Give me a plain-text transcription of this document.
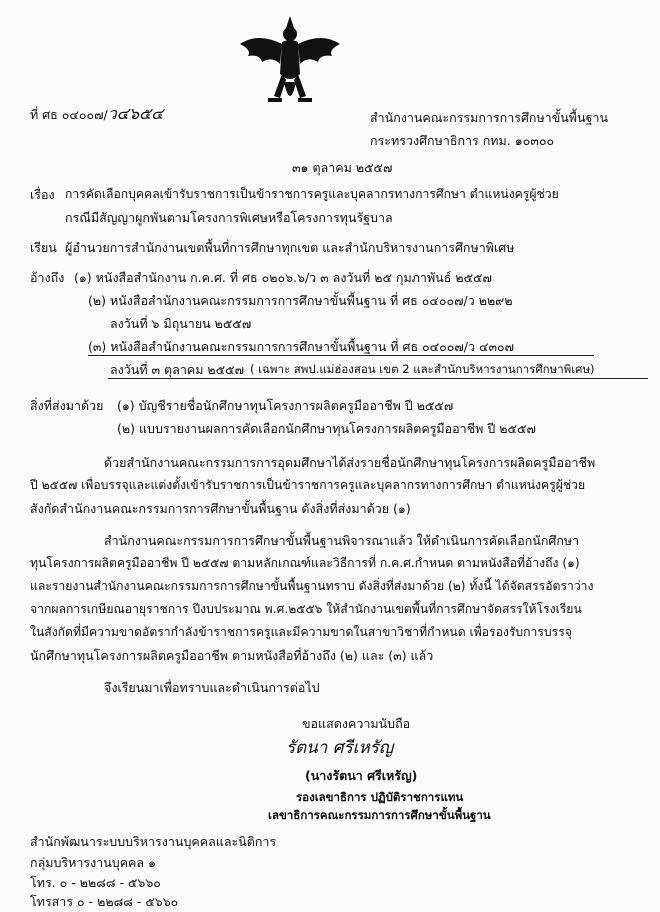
ที่ ศธ ๐๔๐๐๗/ว๔๖๕๔	สำนักงานคณะกรรมการการศึกษาขั้นพื้นฐาน
กระทรวงศึกษาธิการ กทม. ๑๐๓๐๐
๓๑ ตุลาคม ๒๕๕๗
เรื่อง การคัดเลือกบุคคลเข้ารับราชการเป็นข้าราชการครูและบุคลากรทางการศึกษา ตำแหน่งครูผู้ช่วย
กรณีมีสัญญาผูกพันตามโครงการพิเศษหรือโครงการทุนรัฐบาล
เรียน ผู้อำนวยการสำนักงานเขตพื้นที่การศึกษาทุกเขต และสำนักบริหารงานการศึกษาพิเศษ
อ้างถึง (๑) หนังสือสำนักงาน ก.ค.ศ. ที่ ศธ ๐๒๐๖.๖/ว ๓ ลงวันที่ ๒๕ กุมภาพันธ์ ๒๕๕๗
(๒) หนังสือสำนักงานคณะกรรมการการศึกษาขั้นพื้นฐาน ที่ ศธ ๐๔๐๐๗/ว ๒๒๙๒
ลงวันที่ ๖ มิถุนายน ๒๕๕๗
(๓) หนังสือสำนักงานคณะกรรมการการศึกษาขั้นพื้นฐาน ที่ ศธ ๐๔๐๐๗/ว ๔๓๐๗
ลงวันที่ ๓ ตุลาคม ๒๕๕๗ ( เฉพาะ สพป.แม่ฮ่องสอน เขต 2 และสำนักบริหารงานการศึกษาพิเศษ)
สิ่งที่ส่งมาด้วย (๑) บัญชีรายชื่อนักศึกษาทุนโครงการผลิตครูมืออาชีพ ปี ๒๕๕๗
(๒) แบบรายงานผลการคัดเลือกนักศึกษาทุนโครงการผลิตครูมืออาชีพ ปี ๒๕๕๗
ด้วยสำนักงานคณะกรรมการการอุดมศึกษาได้ส่งรายชื่อนักศึกษาทุนโครงการผลิตครูมืออาชีพ
ปี ๒๕๕๗ เพื่อบรรจุและแต่งตั้งเข้ารับราชการเป็นข้าราชการครูและบุคลากรทางการศึกษา ตำแหน่งครูผู้ช่วย
สังกัดสำนักงานคณะกรรมการการศึกษาขั้นพื้นฐาน ดังสิ่งที่ส่งมาด้วย (๑)
สำนักงานคณะกรรมการการศึกษาขั้นพื้นฐานพิจารณาแล้ว ให้ดำเนินการคัดเลือกนักศึกษา
ทุนโครงการผลิตครูมืออาชีพ ปี ๒๕๕๗ ตามหลักเกณฑ์และวิธีการที่ ก.ค.ศ.กำหนด ตามหนังสือที่อ้างถึง (๑)
และรายงานสำนักงานคณะกรรมการการศึกษาขั้นพื้นฐานทราบ ดังสิ่งที่ส่งมาด้วย (๒) ทั้งนี้ ได้จัดสรรอัตราว่าง
จากผลการเกษียณอายุราชการ ปีงบประมาณ พ.ศ.๒๕๕๖ ให้สำนักงานเขตพื้นที่การศึกษาจัดสรรให้โรงเรียน
ในสังกัดที่มีความขาดอัตรากำลังข้าราชการครูและมีความขาดในสาขาวิชาที่กำหนด เพื่อรองรับการบรรจุ
นักศึกษาทุนโครงการผลิตครูมืออาชีพ ตามหนังสือที่อ้างถึง (๒) และ (๓) แล้ว
จึงเรียนมาเพื่อทราบและดำเนินการต่อไป
ขอแสดงความนับถือ
รัตนา ศรีเหรัญ
(นางรัตนา ศรีเหรัญ)
รองเลขาธิการ ปฏิบัติราชการแทน
เลขาธิการคณะกรรมการการศึกษาขั้นพื้นฐาน
สำนักพัฒนาระบบบริหารงานบุคคลและนิติการ
กลุ่มบริหารงานบุคคล ๑
โทร. ๐ - ๒๒๘๘ - ๕๖๖๐
โทรสาร ๐ - ๒๒๘๘ - ๕๖๖๐
